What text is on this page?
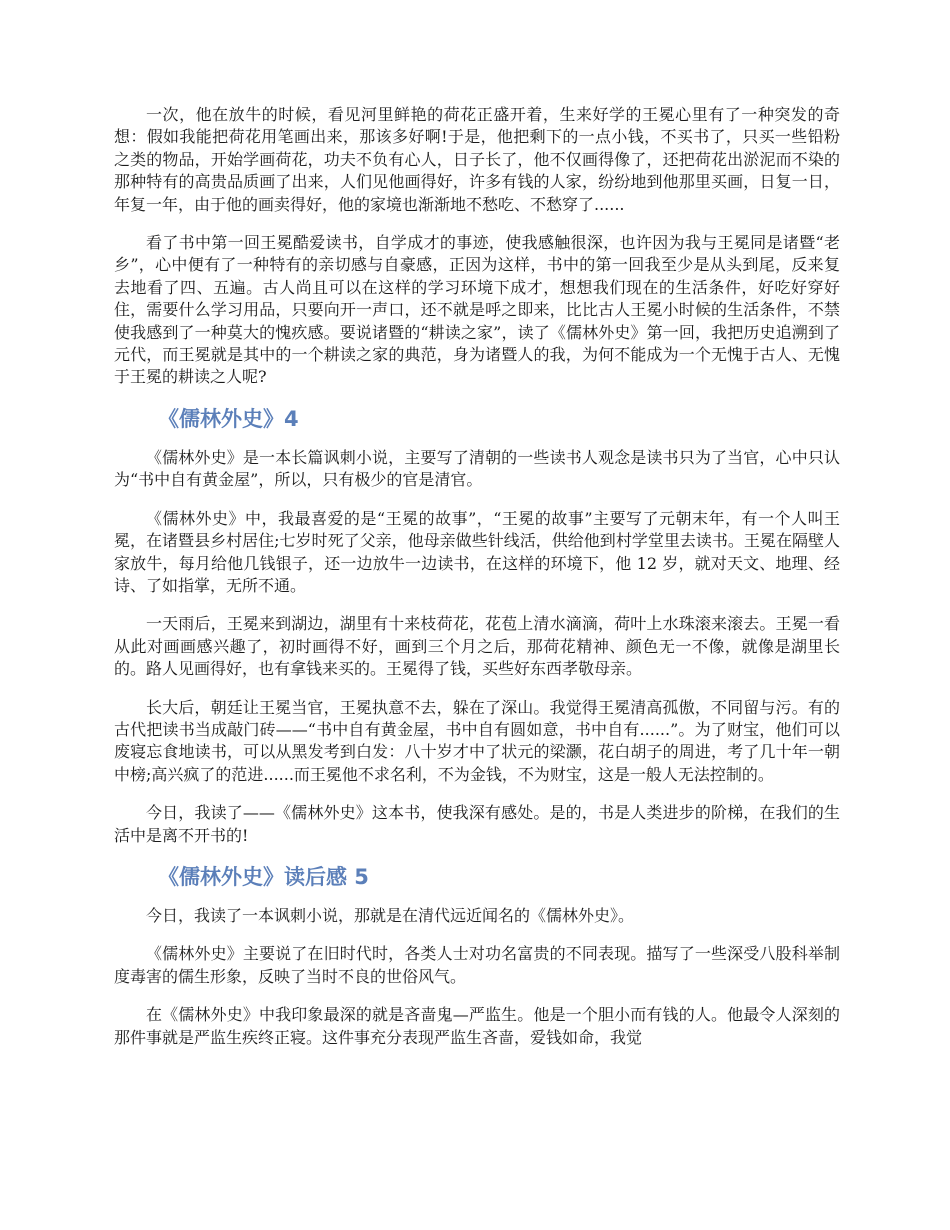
一次，他在放牛的时候，看见河里鲜艳的荷花正盛开着，生来好学的王冕心里有了一种突发的奇想：假如我能把荷花用笔画出来，那该多好啊!于是，他把剩下的一点小钱，不买书了，只买一些铅粉之类的物品，开始学画荷花，功夫不负有心人，日子长了，他不仅画得像了，还把荷花出淤泥而不染的那种特有的高贵品质画了出来，人们见他画得好，许多有钱的人家，纷纷地到他那里买画，日复一日，年复一年，由于他的画卖得好，他的家境也渐渐地不愁吃、不愁穿了......

看了书中第一回王冕酷爱读书，自学成才的事迹，使我感触很深，也许因为我与王冕同是诸暨“老乡”，心中便有了一种特有的亲切感与自豪感，正因为这样，书中的第一回我至少是从头到尾，反来复去地看了四、五遍。古人尚且可以在这样的学习环境下成才，想想我们现在的生活条件，好吃好穿好住，需要什么学习用品，只要向开一声口，还不就是呼之即来，比比古人王冕小时候的生活条件，不禁使我感到了一种莫大的愧疚感。要说诸暨的“耕读之家”，读了《儒林外史》第一回，我把历史追溯到了元代，而王冕就是其中的一个耕读之家的典范，身为诸暨人的我，为何不能成为一个无愧于古人、无愧于王冕的耕读之人呢?

《儒林外史》4

《儒林外史》是一本长篇讽刺小说，主要写了清朝的一些读书人观念是读书只为了当官，心中只认为“书中自有黄金屋”，所以，只有极少的官是清官。

《儒林外史》中，我最喜爱的是“王冕的故事”，“王冕的故事”主要写了元朝末年，有一个人叫王冕，在诸暨县乡村居住;七岁时死了父亲，他母亲做些针线活，供给他到村学堂里去读书。王冕在隔壁人家放牛，每月给他几钱银子，还一边放牛一边读书，在这样的环境下，他 12 岁，就对天文、地理、经诗、了如指掌，无所不通。

一天雨后，王冕来到湖边，湖里有十来枝荷花，花苞上清水滴滴，荷叶上水珠滚来滚去。王冕一看从此对画画感兴趣了，初时画得不好，画到三个月之后，那荷花精神、颜色无一不像，就像是湖里长的。路人见画得好，也有拿钱来买的。王冕得了钱，买些好东西孝敬母亲。

长大后，朝廷让王冕当官，王冕执意不去，躲在了深山。我觉得王冕清高孤傲，不同留与污。有的古代把读书当成敲门砖——“书中自有黄金屋，书中自有圆如意，书中自有......”。为了财宝，他们可以废寝忘食地读书，可以从黑发考到白发：八十岁才中了状元的梁灏，花白胡子的周进，考了几十年一朝中榜;高兴疯了的范进......而王冕他不求名利，不为金钱，不为财宝，这是一般人无法控制的。

今日，我读了——《儒林外史》这本书，使我深有感处。是的，书是人类进步的阶梯，在我们的生活中是离不开书的!

《儒林外史》读后感 5

今日，我读了一本讽刺小说，那就是在清代远近闻名的《儒林外史》。

《儒林外史》主要说了在旧时代时，各类人士对功名富贵的不同表现。描写了一些深受八股科举制度毒害的儒生形象，反映了当时不良的世俗风气。

在《儒林外史》中我印象最深的就是吝啬鬼—严监生。他是一个胆小而有钱的人。他最令人深刻的那件事就是严监生疾终正寝。这件事充分表现严监生吝啬，爱钱如命，我觉
